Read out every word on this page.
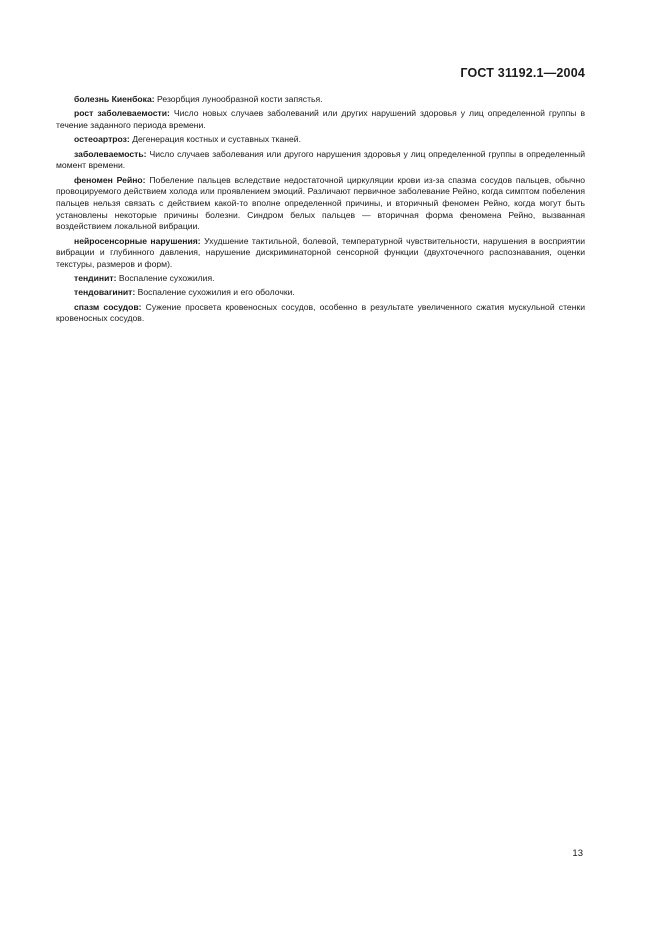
ГОСТ 31192.1—2004

болезнь Киенбока: Резорбция лунообразной кости запястья.

рост заболеваемости: Число новых случаев заболеваний или других нарушений здоровья у лиц определенной группы в течение заданного периода времени.

остеоартроз: Дегенерация костных и суставных тканей.

заболеваемость: Число случаев заболевания или другого нарушения здоровья у лиц определенной группы в определенный момент времени.

феномен Рейно: Побеление пальцев вследствие недостаточной циркуляции крови из-за спазма сосудов пальцев, обычно провоцируемого действием холода или проявлением эмоций. Различают первичное заболевание Рейно, когда симптом побеления пальцев нельзя связать с действием какой-то вполне определенной причины, и вторичный феномен Рейно, когда могут быть установлены некоторые причины болезни. Синдром белых пальцев — вторичная форма феномена Рейно, вызванная воздействием локальной вибрации.

нейросенсорные нарушения: Ухудшение тактильной, болевой, температурной чувствительности, нарушения в восприятии вибрации и глубинного давления, нарушение дискриминаторной сенсорной функции (двухточечного распознавания, оценки текстуры, размеров и форм).

тендинит: Воспаление сухожилия.

тендовагинит: Воспаление сухожилия и его оболочки.

спазм сосудов: Сужение просвета кровеносных сосудов, особенно в результате увеличенного сжатия мускульной стенки кровеносных сосудов.

13
